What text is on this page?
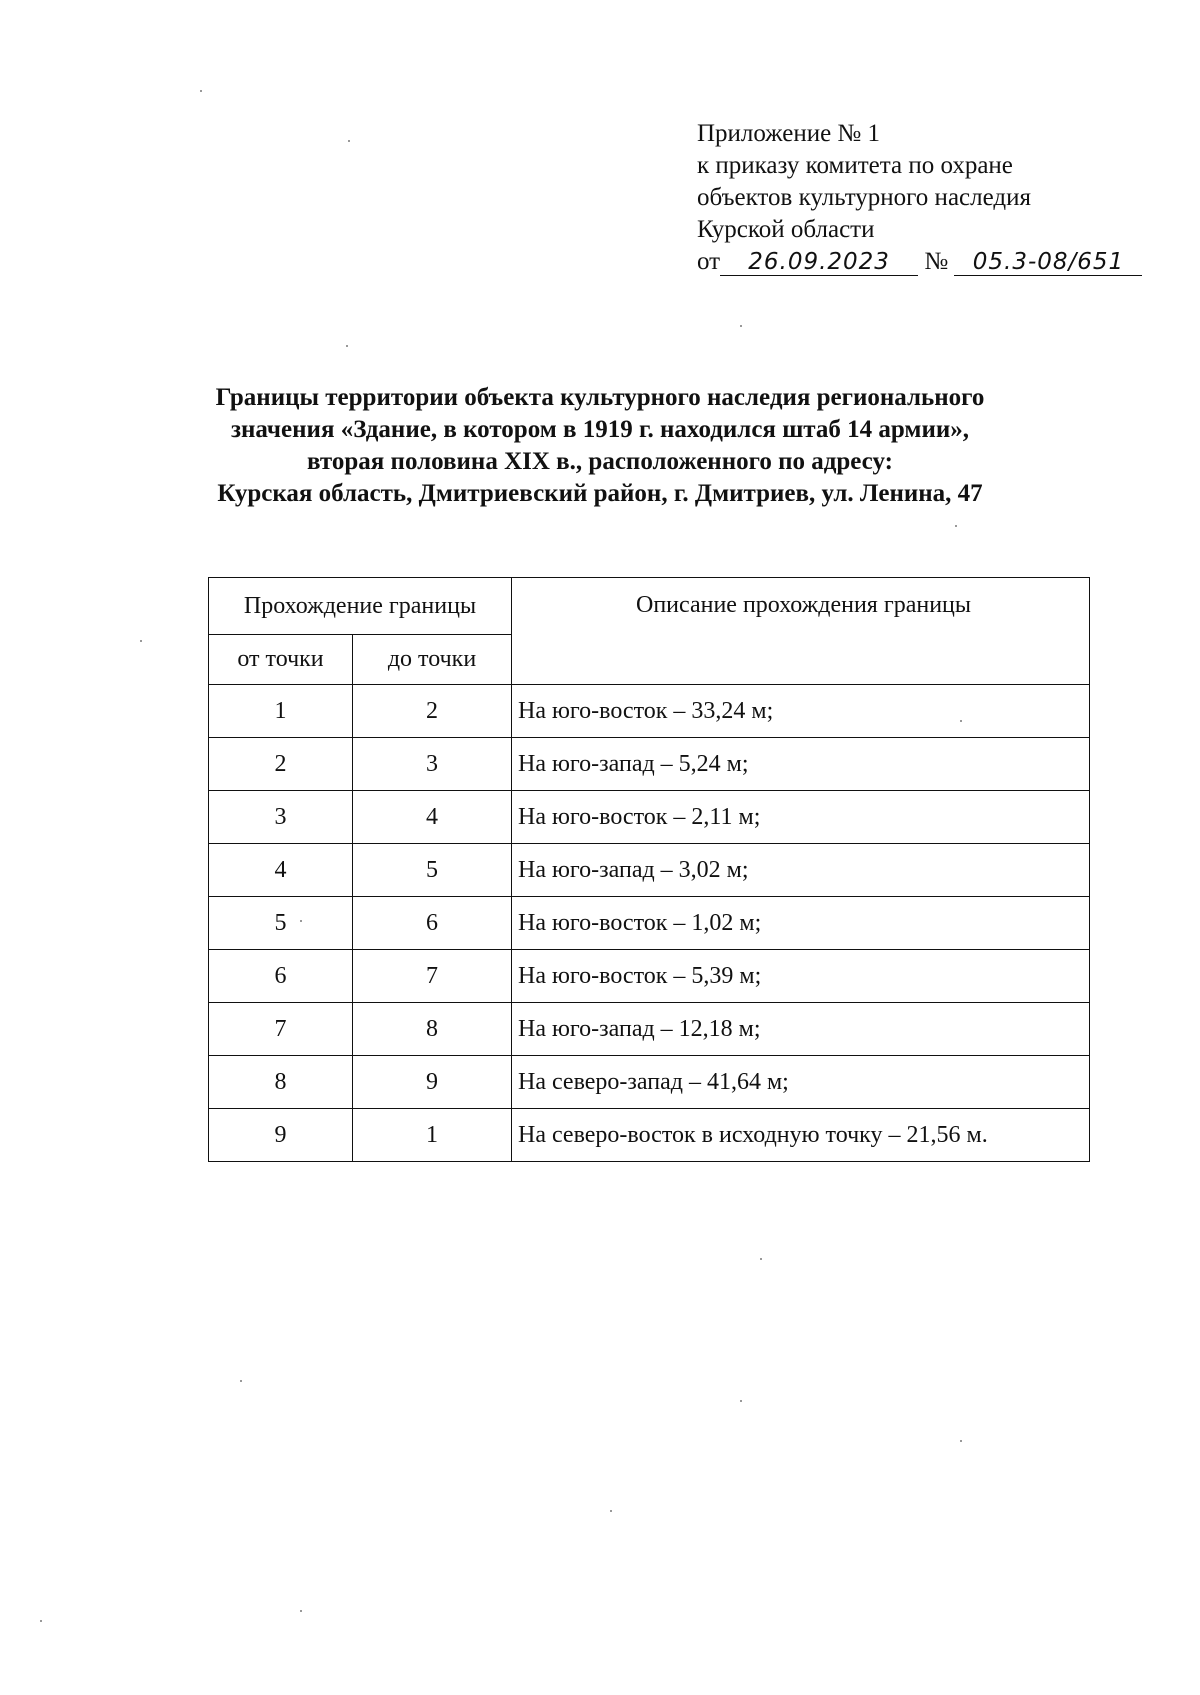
Приложение № 1
к приказу комитета по охране
объектов культурного наследия
Курской области
от 26.09.2023 № 05.3-08/651
Границы территории объекта культурного наследия регионального
значения «Здание, в котором в 1919 г. находился штаб 14 армии»,
вторая половина XIX в., расположенного по адресу:
Курская область, Дмитриевский район, г. Дмитриев, ул. Ленина, 47
Прохождение границы		Описание прохождения границы
от точки	до точки	
1	2	На юго-восток – 33,24 м;
2	3	На юго-запад – 5,24 м;
3	4	На юго-восток – 2,11 м;
4	5	На юго-запад – 3,02 м;
5	6	На юго-восток – 1,02 м;
6	7	На юго-восток – 5,39 м;
7	8	На юго-запад – 12,18 м;
8	9	На северо-запад – 41,64 м;
9	1	На северо-восток в исходную точку – 21,56 м.
